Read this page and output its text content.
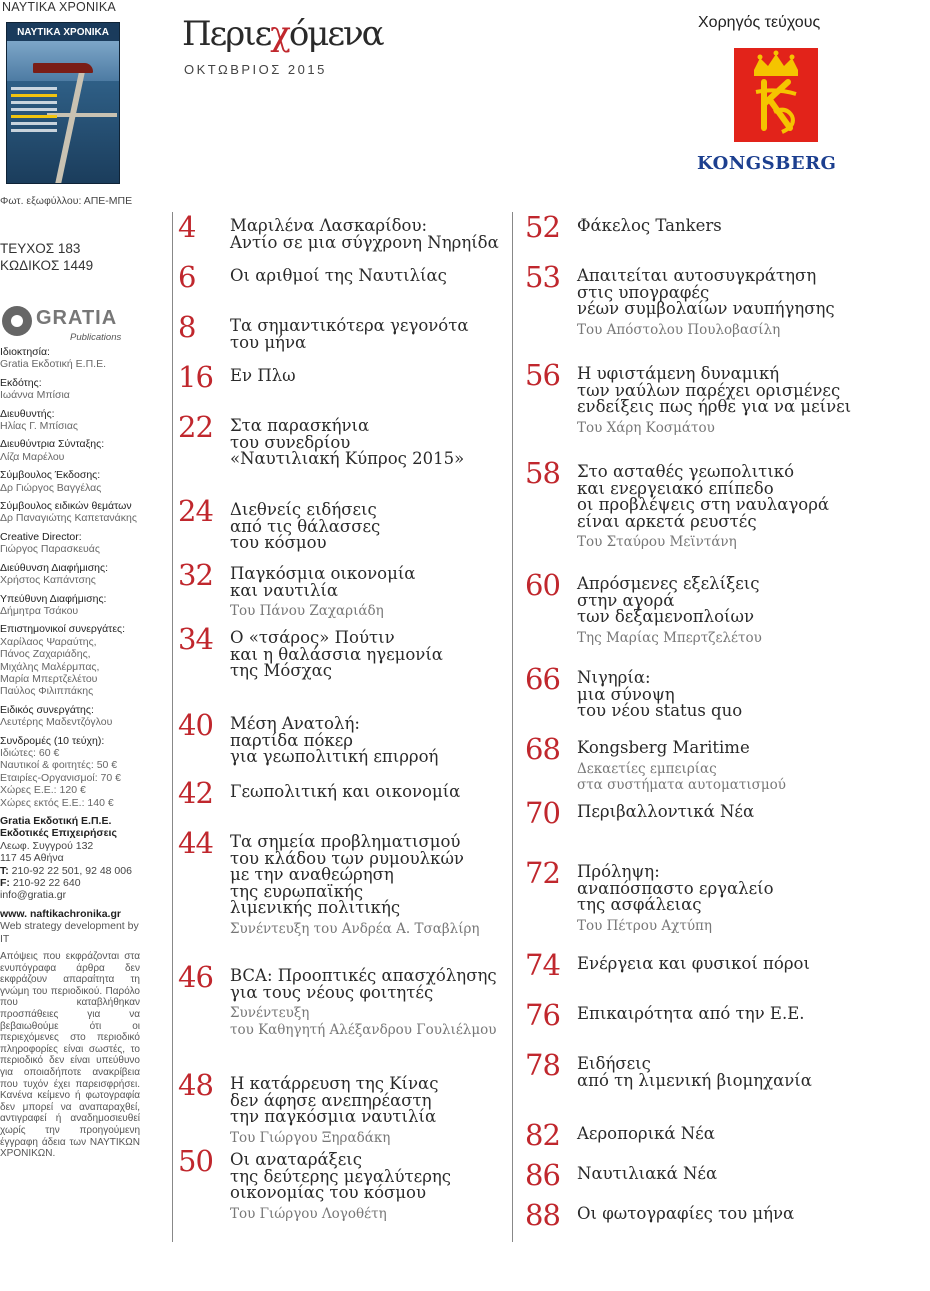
ΝΑΥΤΙΚΑ ΧΡΟΝΙΚΑ
ΝΑΥΤΙΚΑ ΧΡΟΝΙΚΑ
Φωτ. εξωφύλλου: ΑΠΕ-ΜΠΕ
ΤΕΥΧΟΣ 183
ΚΩΔΙΚΟΣ 1449
GRATIA
Publications
Ιδιοκτησία:
Gratia Εκδοτική Ε.Π.Ε.
Εκδότης:
Ιωάννα Μπίσια
Διευθυντής:
Ηλίας Γ. Μπίσιας
Διευθύντρια Σύνταξης:
Λίζα Μαρέλου
Σύμβουλος Έκδοσης:
Δρ Γιώργος Βαγγέλας
Σύμβουλος ειδικών θεμάτων
Δρ Παναγιώτης Καπετανάκης
Creative Director:
Γιώργος Παρασκευάς
Διεύθυνση Διαφήμισης:
Χρήστος Καπάντσης
Υπεύθυνη Διαφήμισης:
Δήμητρα Τσάκου
Επιστημονικοί συνεργάτες:
Χαρίλαος Ψαραύτης,
Πάνος Ζαχαριάδης,
Μιχάλης Μαλέρμπας,
Μαρία Μπερτζελέτου
Παύλος Φιλιππάκης
Ειδικός συνεργάτης:
Λευτέρης Μαδεντζόγλου
Συνδρομές (10 τεύχη):
Ιδιώτες: 60 €
Ναυτικοί & φοιτητές: 50 €
Εταιρίες-Οργανισμοί: 70 €
Χώρες Ε.Ε.: 120 €
Χώρες εκτός Ε.Ε.: 140 €
Gratia Εκδοτική Ε.Π.Ε.
Εκδοτικές Επιχειρήσεις
Λεωφ. Συγγρού 132
117 45 Αθήνα
T: 210-92 22 501, 92 48 006
F: 210-92 22 640
info@gratia.gr
www. naftikachronika.gr
Web strategy development by IT
Απόψεις που εκφράζονται στα ενυπόγραφα άρθρα δεν εκφράζουν απαραίτητα τη γνώμη του περιοδικού. Παρόλο που καταβλήθηκαν προσπάθειες για να βεβαιωθούμε ότι οι περιεχόμενες στο περιοδικό πληροφορίες είναι σωστές, το περιοδικό δεν είναι υπεύθυνο για οποιαδήποτε ανακρίβεια που τυχόν έχει παρεισφρήσει. Κανένα κείμενο ή φωτογραφία δεν μπορεί να αναπαραχθεί, αντιγραφεί ή αναδημοσιευθεί χωρίς την προηγούμενη έγγραφη άδεια των ΝΑΥΤΙΚΩΝ ΧΡΟΝΙΚΩΝ.
Περιεχόμενα
ΟΚΤΩΒΡΙΟΣ 2015
Χορηγός τεύχους
KONGSBERG
4 Μαριλένα Λασκαρίδου:
Αντίο σε μια σύγχρονη Νηρηίδα
6 Οι αριθμοί της Ναυτιλίας
8 Τα σημαντικότερα γεγονότα
του μήνα
16 Εν Πλω
22 Στα παρασκήνια
του συνεδρίου
«Ναυτιλιακή Κύπρος 2015»
24 Διεθνείς ειδήσεις
από τις θάλασσες
του κόσμου
32 Παγκόσμια οικονομία
και ναυτιλία
Του Πάνου Ζαχαριάδη
34 Ο «τσάρος» Πούτιν
και η θαλάσσια ηγεμονία
της Μόσχας
40 Μέση Ανατολή:
παρτίδα πόκερ
για γεωπολιτική επιρροή
42 Γεωπολιτική και οικονομία
44 Τα σημεία προβληματισμού
του κλάδου των ρυμουλκών
με την αναθεώρηση
της ευρωπαϊκής
λιμενικής πολιτικής
Συνέντευξη του Ανδρέα Α. Τσαβλίρη
46 BCA: Προοπτικές απασχόλησης
για τους νέους φοιτητές
Συνέντευξη
του Καθηγητή Αλέξανδρου Γουλιέλμου
48 Η κατάρρευση της Κίνας
δεν άφησε ανεπηρέαστη
την παγκόσμια ναυτιλία
Του Γιώργου Ξηραδάκη
50 Οι αναταράξεις
της δεύτερης μεγαλύτερης
οικονομίας του κόσμου
Του Γιώργου Λογοθέτη
52 Φάκελος Tankers
53 Απαιτείται αυτοσυγκράτηση
στις υπογραφές
νέων συμβολαίων ναυπήγησης
Του Απόστολου Πουλοβασίλη
56 Η υφιστάμενη δυναμική
των ναύλων παρέχει ορισμένες
ενδείξεις πως ήρθε για να μείνει
Του Χάρη Κοσμάτου
58 Στο ασταθές γεωπολιτικό
και ενεργειακό επίπεδο
οι προβλέψεις στη ναυλαγορά
είναι αρκετά ρευστές
Του Σταύρου Μεϊντάνη
60 Απρόσμενες εξελίξεις
στην αγορά
των δεξαμενοπλοίων
Της Μαρίας Μπερτζελέτου
66 Νιγηρία:
μια σύνοψη
του νέου status quo
68 Kongsberg Maritime
Δεκαετίες εμπειρίας
στα συστήματα αυτοματισμού
70 Περιβαλλοντικά Νέα
72 Πρόληψη:
αναπόσπαστο εργαλείο
της ασφάλειας
Του Πέτρου Αχτύπη
74 Ενέργεια και φυσικοί πόροι
76 Επικαιρότητα από την Ε.Ε.
78 Ειδήσεις
από τη λιμενική βιομηχανία
82 Αεροπορικά Νέα
86 Ναυτιλιακά Νέα
88 Οι φωτογραφίες του μήνα
